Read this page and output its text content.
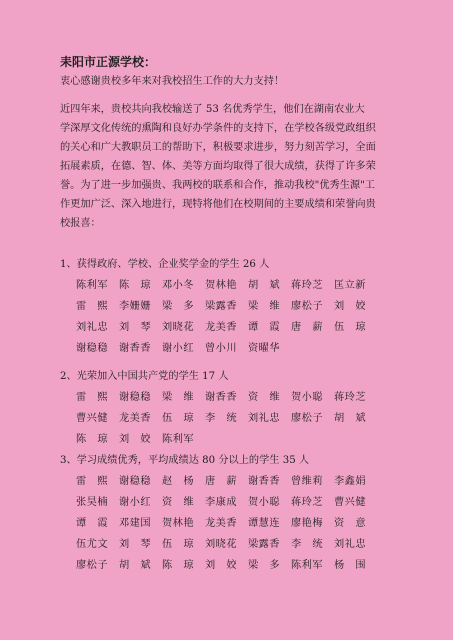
耒阳市正源学校：
衷心感谢贵校多年来对我校招生工作的大力支持！
近四年来，贵校共向我校输送了 53 名优秀学生，他们在湖南农业大
学深厚文化传统的熏陶和良好办学条件的支持下，在学校各级党政组织
的关心和广大教职员工的帮助下，积极要求进步，努力刻苦学习，全面
拓展素质，在德、智、体、美等方面均取得了很大成绩，获得了许多荣
誉。为了进一步加强贵、我两校的联系和合作，推动我校"优秀生源"工
作更加广泛、深入地进行，现特将他们在校期间的主要成绩和荣誉向贵
校报喜：
1、获得政府、学校、企业奖学金的学生 26 人
陈利军	陈　琼	邓小冬	贺林艳	胡　斌	蒋玲芝	匡立新
雷　熙	李姗姗	梁　多	梁露香	梁　维	廖松子	刘　姣
刘礼忠	刘　琴	刘晓花	龙美香	谭　霞	唐　薪	伍　琼
谢稳稳	谢香香	谢小红	曾小川	资曜华
2、光荣加入中国共产党的学生 17 人
雷　熙	谢稳稳	梁　维	谢香香	资　维	贺小聪	蒋玲芝
曹兴健	龙美香	伍　琼	李　统	刘礼忠	廖松子	胡　斌
陈　琼	刘　姣	陈利军
3、学习成绩优秀，平均成绩达 80 分以上的学生 35 人
雷　熙	谢稳稳	赵　杨	唐　薪	谢香香	曾维莉	李鑫娟
张昊楠	谢小红	资　维	李康成	贺小聪	蒋玲芝	曹兴健
谭　霞	邓建国	贺林艳	龙美香	谭慧连	廖艳梅	资　意
伍尤文	刘　琴	伍　琼	刘晓花	梁露香	李　统	刘礼忠
廖松子	胡　斌	陈　琼	刘　姣	梁　多	陈利军	杨　围
